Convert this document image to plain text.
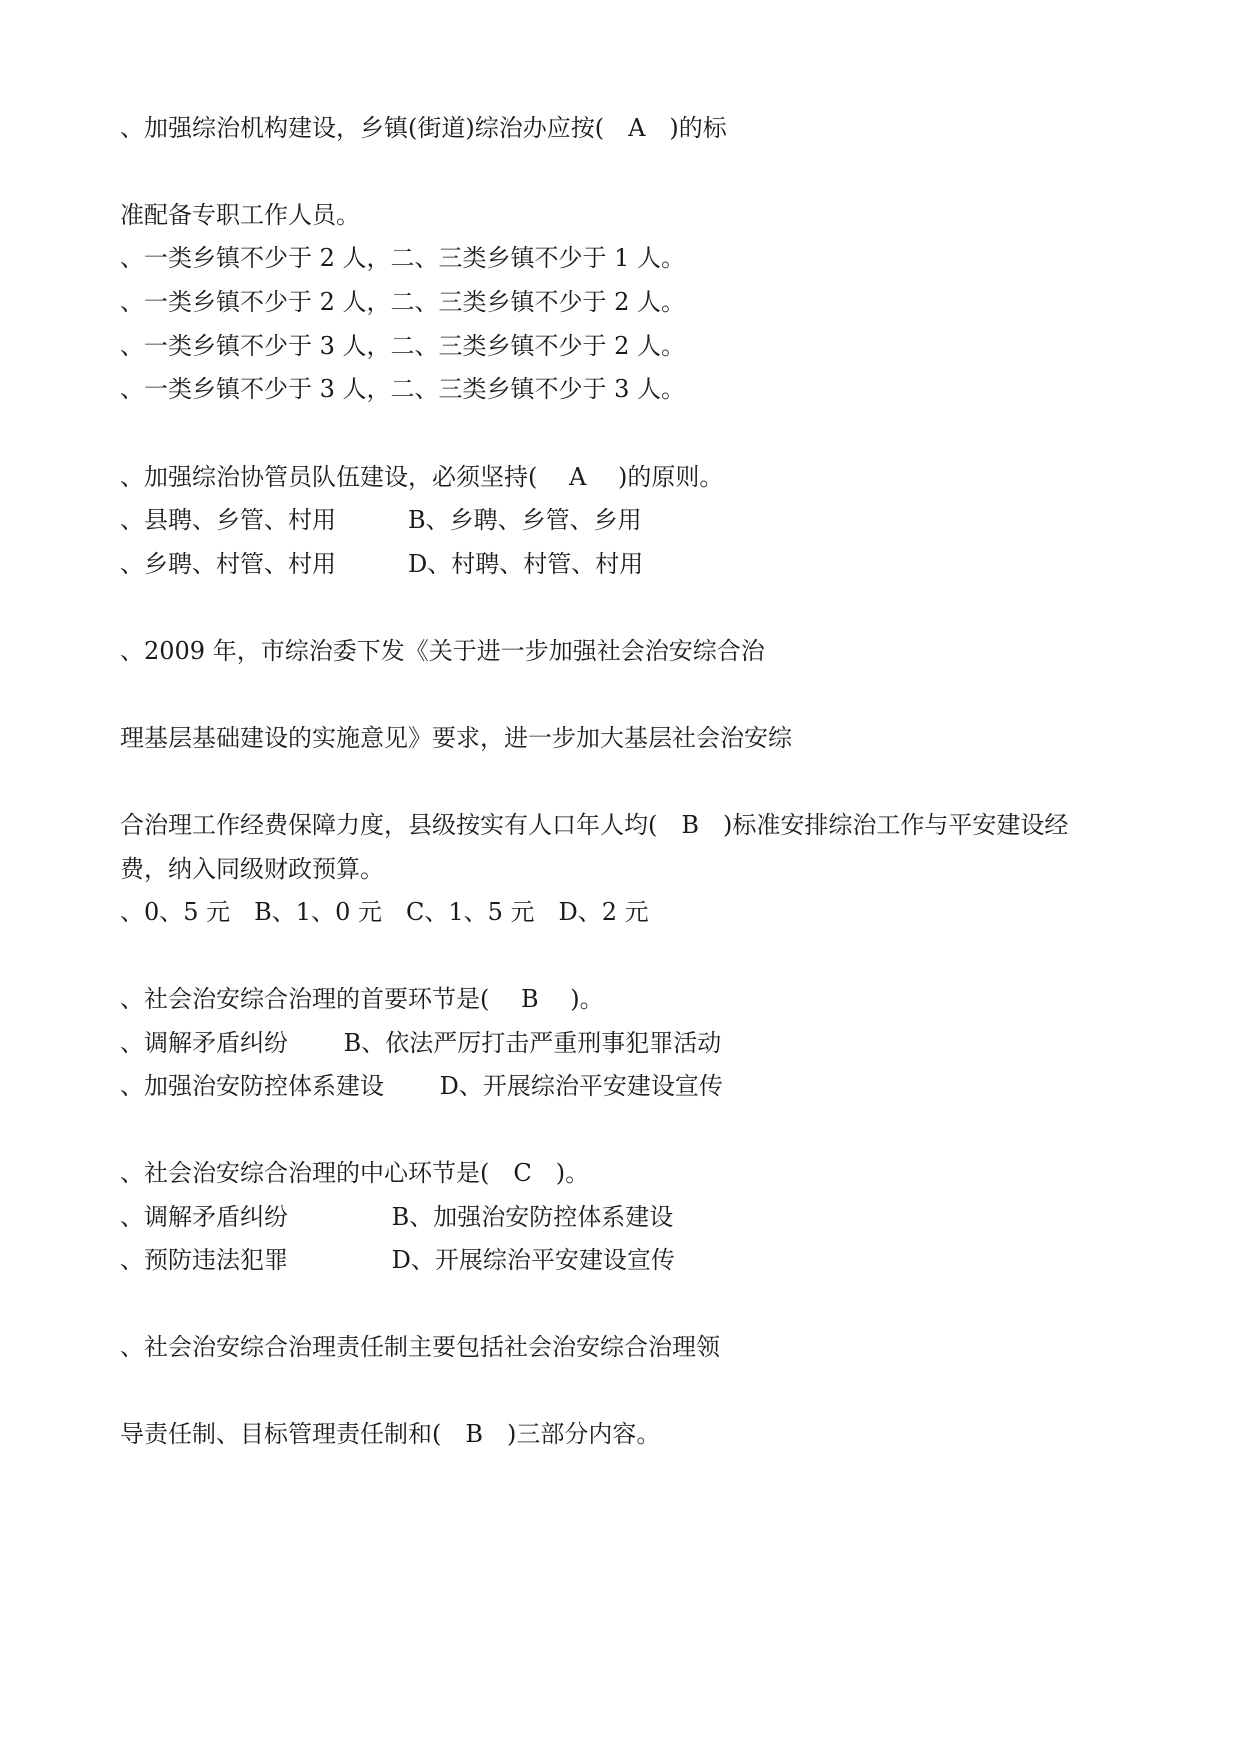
、加强综治机构建设，乡镇(街道)综治办应按(　A　)的标

准配备专职工作人员。

、一类乡镇不少于 2 人，二、三类乡镇不少于 1 人。

、一类乡镇不少于 2 人，二、三类乡镇不少于 2 人。

、一类乡镇不少于 3 人，二、三类乡镇不少于 2 人。

、一类乡镇不少于 3 人，二、三类乡镇不少于 3 人。

、加强综治协管员队伍建设，必须坚持(　 A　 )的原则。

、县聘、乡管、村用　　　B、乡聘、乡管、乡用

、乡聘、村管、村用　　　D、村聘、村管、村用

、2009 年，市综治委下发《关于进一步加强社会治安综合治

理基层基础建设的实施意见》要求，进一步加大基层社会治安综

合治理工作经费保障力度，县级按实有人口年人均(　B　)标准安排综治工作与平安建设经

费，纳入同级财政预算。

、0、5 元　B、1、0 元　C、1、5 元　D、2 元

、社会治安综合治理的首要环节是(　 B　 )。

、调解矛盾纠纷　　 B、依法严厉打击严重刑事犯罪活动

、加强治安防控体系建设　　 D、开展综治平安建设宣传

、社会治安综合治理的中心环节是(　C　)。

、调解矛盾纠纷　　　　 B、加强治安防控体系建设

、预防违法犯罪　　　　 D、开展综治平安建设宣传

、社会治安综合治理责任制主要包括社会治安综合治理领

导责任制、目标管理责任制和(　B　)三部分内容。
